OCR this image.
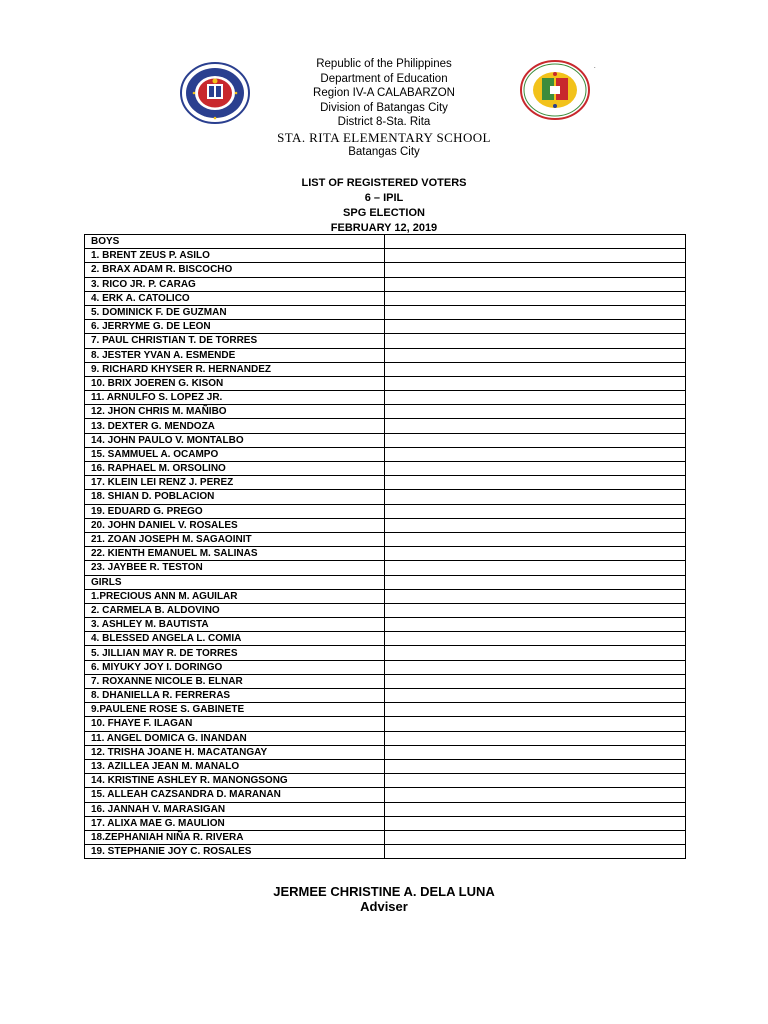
.
Republic of the Philippines
Department of Education
Region IV-A CALABARZON
Division of Batangas City
District 8-Sta. Rita
STA. RITA ELEMENTARY SCHOOL
Batangas City
LIST OF REGISTERED VOTERS
6 – IPIL
SPG ELECTION
FEBRUARY 12, 2019
BOYS	
1. BRENT ZEUS P. ASILO	
2. BRAX ADAM R. BISCOCHO	
3. RICO JR. P. CARAG	
4. ERK A. CATOLICO	
5. DOMINICK F. DE GUZMAN	
6. JERRYME G. DE LEON	
7. PAUL CHRISTIAN T. DE TORRES	
8. JESTER YVAN A. ESMENDE	
9. RICHARD KHYSER R. HERNANDEZ	
10. BRIX JOEREN G. KISON	
11. ARNULFO S. LOPEZ JR.	
12. JHON CHRIS M. MAÑIBO	
13. DEXTER G. MENDOZA	
14. JOHN PAULO V. MONTALBO	
15. SAMMUEL A. OCAMPO	
16. RAPHAEL M. ORSOLINO	
17. KLEIN LEI RENZ J. PEREZ	
18. SHIAN D. POBLACION	
19. EDUARD G. PREGO	
20. JOHN DANIEL V. ROSALES	
21. ZOAN JOSEPH M. SAGAOINIT	
22. KIENTH EMANUEL M. SALINAS	
23. JAYBEE R. TESTON	
GIRLS	
1.PRECIOUS ANN M. AGUILAR	
2. CARMELA B. ALDOVINO	
3. ASHLEY M. BAUTISTA	
4. BLESSED ANGELA L. COMIA	
5. JILLIAN MAY R. DE TORRES	
6. MIYUKY JOY I. DORINGO	
7. ROXANNE NICOLE B. ELNAR	
8. DHANIELLA R. FERRERAS	
9.PAULENE ROSE S. GABINETE	
10. FHAYE F. ILAGAN	
11. ANGEL DOMICA G. INANDAN	
12. TRISHA JOANE H. MACATANGAY	
13. AZILLEA JEAN M. MANALO	
14. KRISTINE ASHLEY R. MANONGSONG	
15. ALLEAH CAZSANDRA D. MARANAN	
16. JANNAH V. MARASIGAN	
17. ALIXA MAE G. MAULION	
18.ZEPHANIAH NIÑA R. RIVERA	
19. STEPHANIE JOY C. ROSALES	
JERMEE CHRISTINE A. DELA LUNA
Adviser
